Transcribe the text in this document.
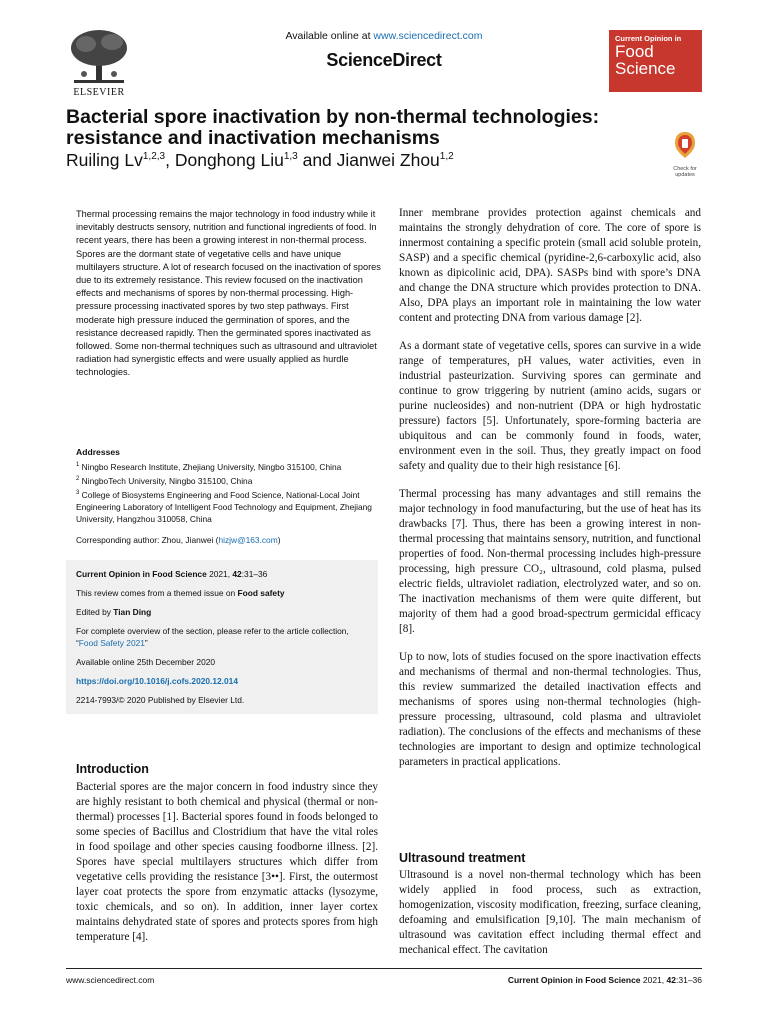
ELSEVIER
Available online at www.sciencedirect.com
ScienceDirect
Current Opinion in
Food
Science
Bacterial spore inactivation by non-thermal technologies: resistance and inactivation mechanisms
Ruiling Lv$^{1,2,3}$, Donghong Liu$^{1,3}$ and Jianwei Zhou$^{1,2}$
Check for updates
Thermal processing remains the major technology in food industry while it inevitably destructs sensory, nutrition and functional ingredients of food. In recent years, there has been a growing interest in non-thermal process. Spores are the dormant state of vegetative cells and have unique multilayers structure. A lot of research focused on the inactivation of spores due to its extremely resistance. This review focused on the inactivation effects and mechanisms of spores by non-thermal processing. High-pressure processing inactivated spores by two step pathways. First moderate high pressure induced the germination of spores, and the resistance decreased rapidly. Then the germinated spores inactivated as followed. Some non-thermal techniques such as ultrasound and ultraviolet radiation had synergistic effects and were usually applied as hurdle technologies.
Addresses
$^1$ Ningbo Research Institute, Zhejiang University, Ningbo 315100, China
$^2$ NingboTech University, Ningbo 315100, China
$^3$ College of Biosystems Engineering and Food Science, National-Local Joint Engineering Laboratory of Intelligent Food Technology and Equipment, Zhejiang University, Hangzhou 310058, China
Corresponding author: Zhou, Jianwei (hizjw@163.com)

Current Opinion in Food Science 2021, 42:31–36

This review comes from a themed issue on Food safety

Edited by Tian Ding

For complete overview of the section, please refer to the article collection, “Food Safety 2021”

Available online 25th December 2020

https://doi.org/10.1016/j.cofs.2020.12.014

2214-7993/© 2020 Published by Elsevier Ltd.

Introduction
Bacterial spores are the major concern in food industry since they are highly resistant to both chemical and physical (thermal or non-thermal) processes [1]. Bacterial spores found in foods belonged to some species of Bacillus and Clostridium that have the vital roles in food spoilage and other species causing foodborne illness. [2]. Spores have special multilayers structures which differ from vegetative cells providing the resistance [3••]. First, the outermost layer coat protects the spore from enzymatic attacks (lysozyme, toxic chemicals, and so on). In addition, inner layer cortex maintains dehydrated state of spores and protects spores from high temperature [4].

Inner membrane provides protection against chemicals and maintains the strongly dehydration of core. The core of spore is innermost containing a specific protein (small acid soluble protein, SASP) and a specific chemical (pyridine-2,6-carboxylic acid, also known as dipicolinic acid, DPA). SASPs bind with spore’s DNA and change the DNA structure which provides protection to DNA. Also, DPA plays an important role in maintaining the low water content and protecting DNA from various damage [2].

As a dormant state of vegetative cells, spores can survive in a wide range of temperatures, pH values, water activities, even in industrial pasteurization. Surviving spores can germinate and continue to grow triggering by nutrient (amino acids, sugars or purine nucleosides) and non-nutrient (DPA or high hydrostatic pressure) factors [5]. Unfortunately, spore-forming bacteria are ubiquitous and can be commonly found in foods, water, environment even in the soil. Thus, they greatly impact on food safety and quality due to their high resistance [6].

Thermal processing has many advantages and still remains the major technology in food manufacturing, but the use of heat has its drawbacks [7]. Thus, there has been a growing interest in non-thermal processing that maintains sensory, nutrition, and functional properties of food. Non-thermal processing includes high-pressure processing, high pressure CO₂, ultrasound, cold plasma, pulsed electric fields, ultraviolet radiation, electrolyzed water, and so on. The inactivation mechanisms of them were quite different, but majority of them had a good broad-spectrum germicidal efficacy [8].

Up to now, lots of studies focused on the spore inactivation effects and mechanisms of thermal and non-thermal technologies. Thus, this review summarized the detailed inactivation effects and mechanisms of spores using non-thermal technologies (high-pressure processing, ultrasound, cold plasma and ultraviolet radiation). The conclusions of the effects and mechanisms of these technologies are important to design and optimize technological parameters in practical applications.

Ultrasound treatment
Ultrasound is a novel non-thermal technology which has been widely applied in food process, such as extraction, homogenization, viscosity modification, freezing, surface cleaning, defoaming and emulsification [9,10]. The main mechanism of ultrasound was cavitation effect including thermal effect and mechanical effect. The cavitation
www.sciencedirect.com	Current Opinion in Food Science 2021, 42:31–36
